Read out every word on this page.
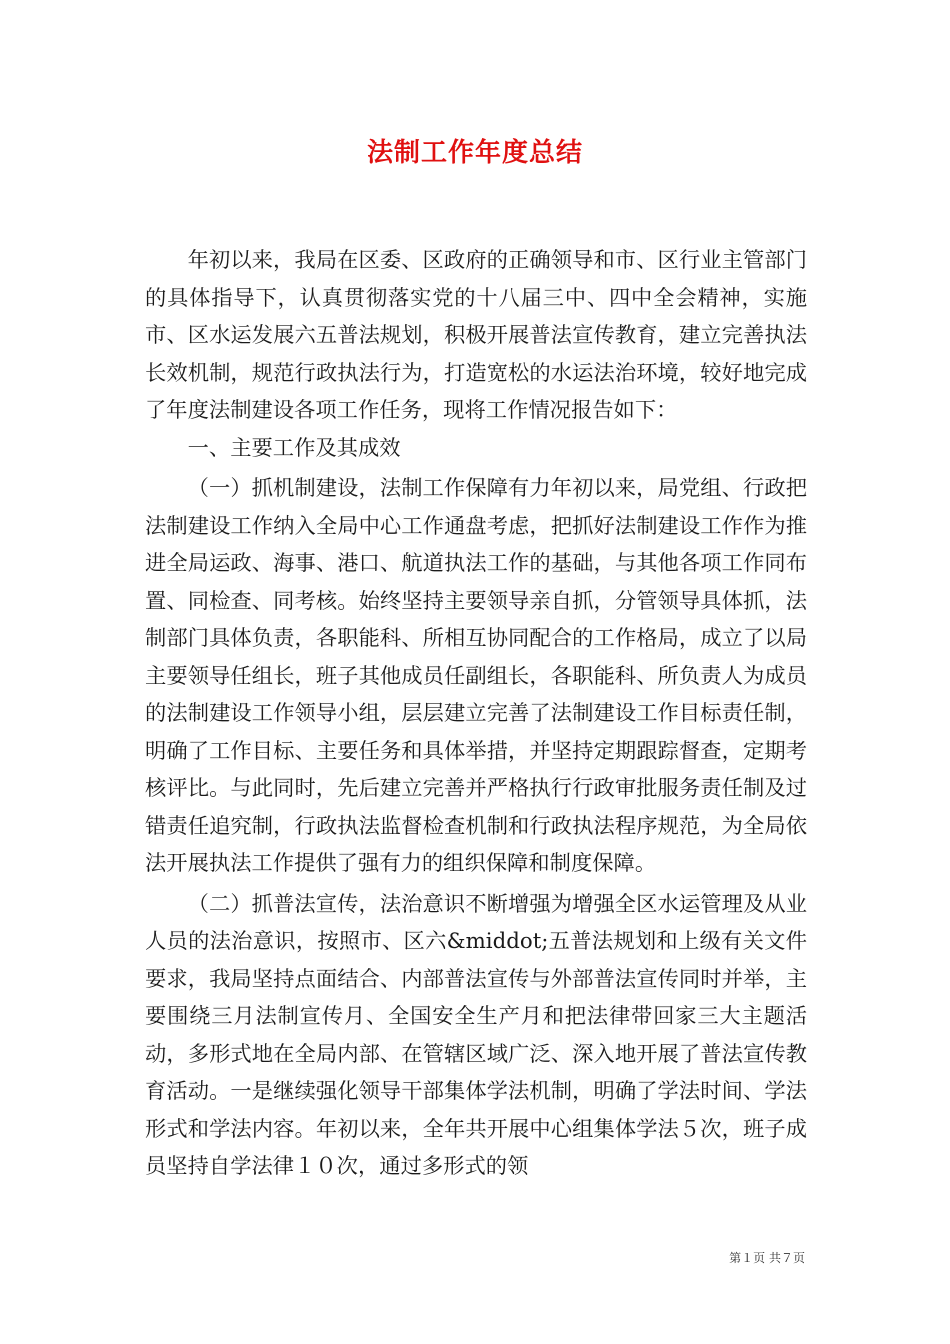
法制工作年度总结

年初以来，我局在区委、区政府的正确领导和市、区行业主管部门的具体指导下，认真贯彻落实党的十八届三中、四中全会精神，实施市、区水运发展六五普法规划，积极开展普法宣传教育，建立完善执法长效机制，规范行政执法行为，打造宽松的水运法治环境，较好地完成了年度法制建设各项工作任务，现将工作情况报告如下：

一、主要工作及其成效

（一）抓机制建设，法制工作保障有力年初以来，局党组、行政把法制建设工作纳入全局中心工作通盘考虑，把抓好法制建设工作作为推进全局运政、海事、港口、航道执法工作的基础，与其他各项工作同布置、同检查、同考核。始终坚持主要领导亲自抓，分管领导具体抓，法制部门具体负责，各职能科、所相互协同配合的工作格局，成立了以局主要领导任组长，班子其他成员任副组长，各职能科、所负责人为成员的法制建设工作领导小组，层层建立完善了法制建设工作目标责任制，明确了工作目标、主要任务和具体举措，并坚持定期跟踪督查，定期考核评比。与此同时，先后建立完善并严格执行行政审批服务责任制及过错责任追究制，行政执法监督检查机制和行政执法程序规范，为全局依法开展执法工作提供了强有力的组织保障和制度保障。

（二）抓普法宣传，法治意识不断增强为增强全区水运管理及从业人员的法治意识，按照市、区六&middot;五普法规划和上级有关文件要求，我局坚持点面结合、内部普法宣传与外部普法宣传同时并举，主要围绕三月法制宣传月、全国安全生产月和把法律带回家三大主题活动，多形式地在全局内部、在管辖区域广泛、深入地开展了普法宣传教育活动。一是继续强化领导干部集体学法机制，明确了学法时间、学法形式和学法内容。年初以来，全年共开展中心组集体学法５次，班子成员坚持自学法律１０次，通过多形式的领

第１页 共７页
